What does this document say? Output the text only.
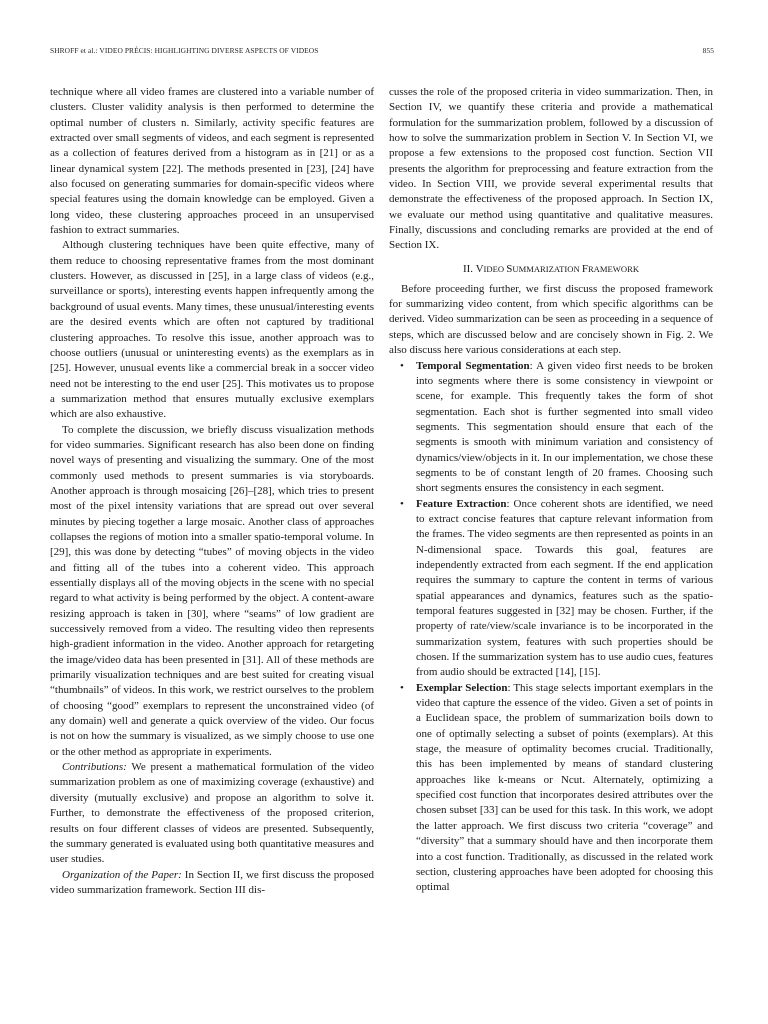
SHROFF et al.: VIDEO PRÉCIS: HIGHLIGHTING DIVERSE ASPECTS OF VIDEOS	855

technique where all video frames are clustered into a variable number of clusters. Cluster validity analysis is then performed to determine the optimal number of clusters n. Similarly, activity specific features are extracted over small segments of videos, and each segment is represented as a collection of features derived from a histogram as in [21] or as a linear dynamical system [22]. The methods presented in [23], [24] have also focused on generating summaries for domain-specific videos where special features using the domain knowledge can be employed. Given a long video, these clustering approaches proceed in an unsupervised fashion to extract summaries.

Although clustering techniques have been quite effective, many of them reduce to choosing representative frames from the most dominant clusters. However, as discussed in [25], in a large class of videos (e.g., surveillance or sports), interesting events happen infrequently among the background of usual events. Many times, these unusual/interesting events are the desired events which are often not captured by traditional clustering approaches. To resolve this issue, another approach was to choose outliers (unusual or uninteresting events) as the exemplars as in [25]. However, unusual events like a commercial break in a soccer video need not be interesting to the end user [25]. This motivates us to propose a summarization method that ensures mutually exclusive exemplars which are also exhaustive.

To complete the discussion, we briefly discuss visualization methods for video summaries. Significant research has also been done on finding novel ways of presenting and visualizing the summary. One of the most commonly used methods to present summaries is via storyboards. Another approach is through mosaicing [26]–[28], which tries to present most of the pixel intensity variations that are spread out over several minutes by piecing together a large mosaic. Another class of approaches collapses the regions of motion into a smaller spatio-temporal volume. In [29], this was done by detecting “tubes” of moving objects in the video and fitting all of the tubes into a coherent video. This approach essentially displays all of the moving objects in the scene with no special regard to what activity is being performed by the object. A content-aware resizing approach is taken in [30], where “seams” of low gradient are successively removed from a video. The resulting video then represents high-gradient information in the video. Another approach for retargeting the image/video data has been presented in [31]. All of these methods are primarily visualization techniques and are best suited for creating visual “thumbnails” of videos. In this work, we restrict ourselves to the problem of choosing “good” exemplars to represent the unconstrained video (of any domain) well and generate a quick overview of the video. Our focus is not on how the summary is visualized, as we simply choose to use one or the other method as appropriate in experiments.

Contributions: We present a mathematical formulation of the video summarization problem as one of maximizing coverage (exhaustive) and diversity (mutually exclusive) and propose an algorithm to solve it. Further, to demonstrate the effectiveness of the proposed criterion, results on four different classes of videos are presented. Subsequently, the summary generated is evaluated using both quantitative measures and user studies.

Organization of the Paper: In Section II, we first discuss the proposed video summarization framework. Section III dis-

cusses the role of the proposed criteria in video summarization. Then, in Section IV, we quantify these criteria and provide a mathematical formulation for the summarization problem, followed by a discussion of how to solve the summarization problem in Section V. In Section VI, we propose a few extensions to the proposed cost function. Section VII presents the algorithm for preprocessing and feature extraction from the video. In Section VIII, we provide several experimental results that demonstrate the effectiveness of the proposed approach. In Section IX, we evaluate our method using quantitative and qualitative measures. Finally, discussions and concluding remarks are provided at the end of Section IX.

II. VIDEO SUMMARIZATION FRAMEWORK

Before proceeding further, we first discuss the proposed framework for summarizing video content, from which specific algorithms can be derived. Video summarization can be seen as proceeding in a sequence of steps, which are discussed below and are concisely shown in Fig. 2. We also discuss here various considerations at each step.

• Temporal Segmentation: A given video first needs to be broken into segments where there is some consistency in viewpoint or scene, for example. This frequently takes the form of shot segmentation. Each shot is further segmented into small video segments. This segmentation should ensure that each of the segments is smooth with minimum variation and consistency of dynamics/view/objects in it. In our implementation, we chose these segments to be of constant length of 20 frames. Choosing such short segments ensures the consistency in each segment.
• Feature Extraction: Once coherent shots are identified, we need to extract concise features that capture relevant information from the frames. The video segments are then represented as points in an N-dimensional space. Towards this goal, features are independently extracted from each segment. If the end application requires the summary to capture the content in terms of various spatial appearances and dynamics, features such as the spatio-temporal features suggested in [32] may be chosen. Further, if the property of rate/view/scale invariance is to be incorporated in the summarization system, features with such properties should be chosen. If the summarization system has to use audio cues, features from audio should be extracted [14], [15].
• Exemplar Selection: This stage selects important exemplars in the video that capture the essence of the video. Given a set of points in a Euclidean space, the problem of summarization boils down to one of optimally selecting a subset of points (exemplars). At this stage, the measure of optimality becomes crucial. Traditionally, this has been implemented by means of standard clustering approaches like k-means or Ncut. Alternately, optimizing a specified cost function that incorporates desired attributes over the chosen subset [33] can be used for this task. In this work, we adopt the latter approach. We first discuss two criteria “coverage” and “diversity” that a summary should have and then incorporate them into a cost function. Traditionally, as discussed in the related work section, clustering approaches have been adopted for choosing this optimal
